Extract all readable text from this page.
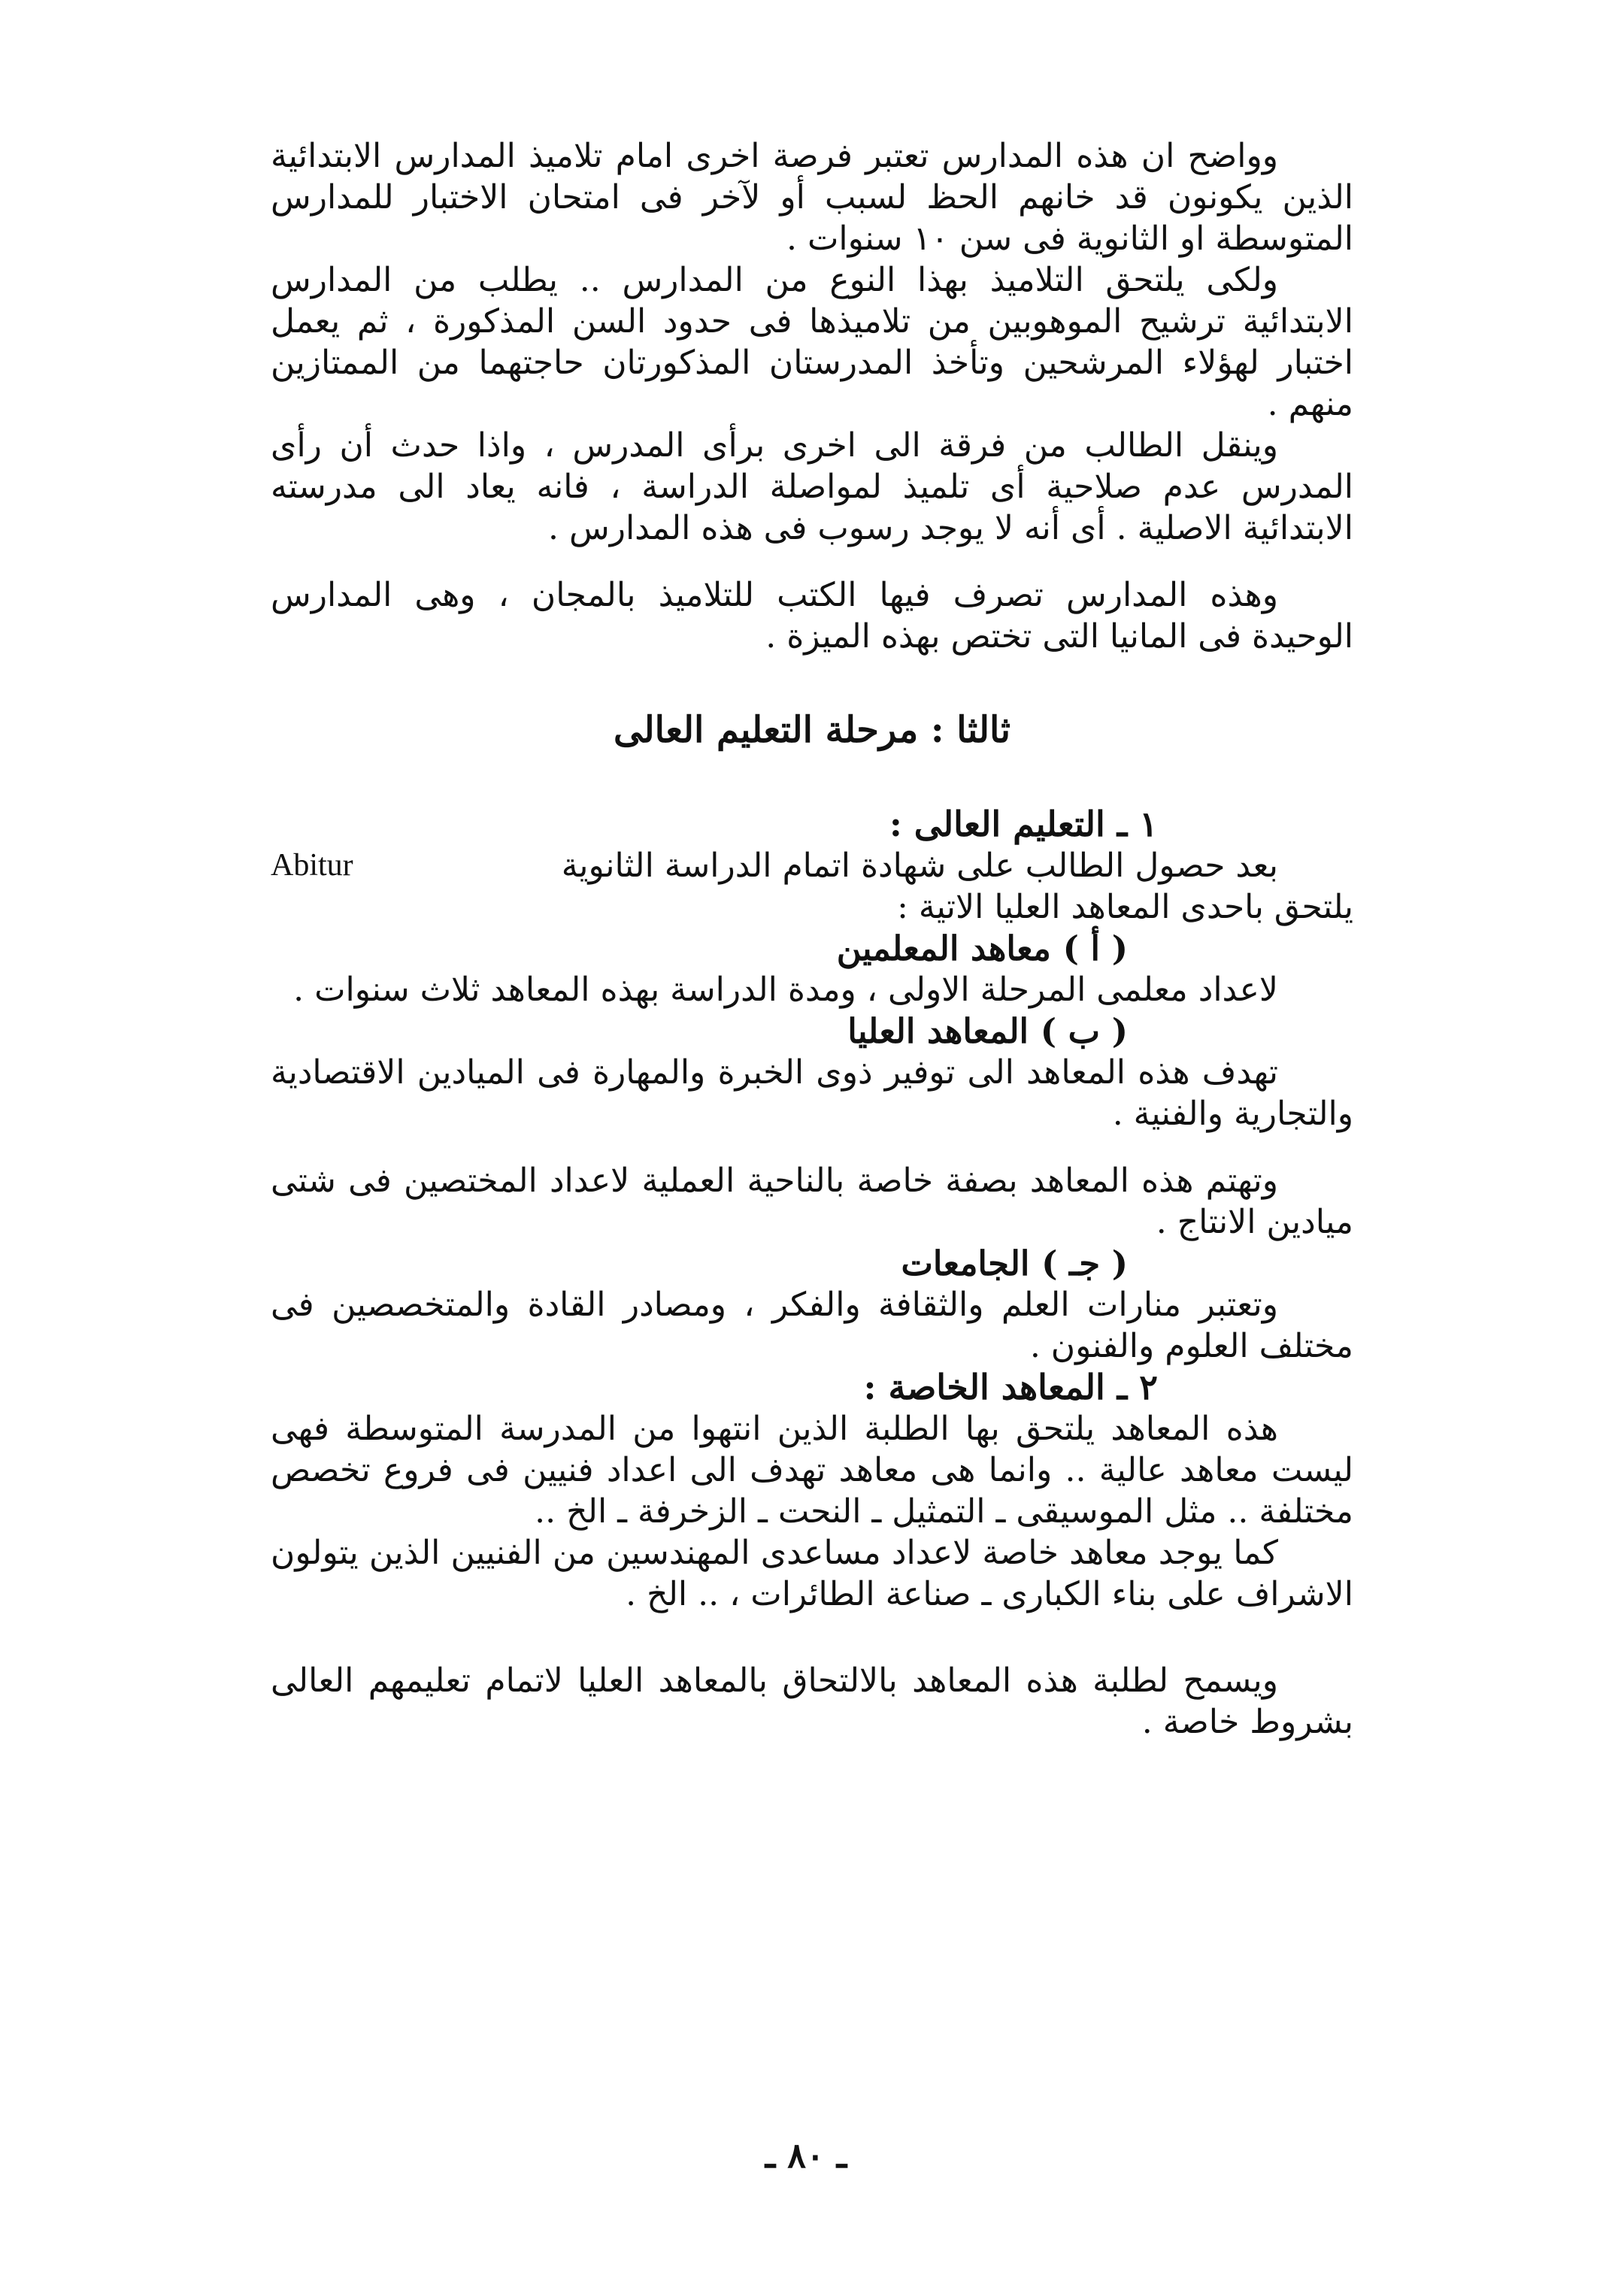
وواضح ان هذه المدارس تعتبر فرصة اخرى امام تلاميذ المدارس الابتدائية الذين يكونون قد خانهم الحظ لسبب أو لآخر فى امتحان الاختبار للمدارس المتوسطة او الثانوية فى سن ١٠ سنوات .

ولكى يلتحق التلاميذ بهذا النوع من المدارس .. يطلب من المدارس الابتدائية ترشيح الموهوبين من تلاميذها فى حدود السن المذكورة ، ثم يعمل اختبار لهؤلاء المرشحين وتأخذ المدرستان المذكورتان حاجتهما من الممتازين منهم .

وينقل الطالب من فرقة الى اخرى برأى المدرس ، واذا حدث أن رأى المدرس عدم صلاحية أى تلميذ لمواصلة الدراسة ، فانه يعاد الى مدرسته الابتدائية الاصلية . أى أنه لا يوجد رسوب فى هذه المدارس .

وهذه المدارس تصرف فيها الكتب للتلاميذ بالمجان ، وهى المدارس الوحيدة فى المانيا التى تختص بهذه الميزة .

ثالثا : مرحلة التعليم العالى
١ ـ التعليم العالى :

بعد حصول الطالب على شهادة اتمام الدراسة الثانوية

Abitur

يلتحق باحدى المعاهد العليا الاتية :

( أ ) معاهد المعلمين

لاعداد معلمى المرحلة الاولى ، ومدة الدراسة بهذه المعاهد ثلاث سنوات .

( ب ) المعاهد العليا

تهدف هذه المعاهد الى توفير ذوى الخبرة والمهارة فى الميادين الاقتصادية والتجارية والفنية .

وتهتم هذه المعاهد بصفة خاصة بالناحية العملية لاعداد المختصين فى شتى ميادين الانتاج .

( جـ ) الجامعات

وتعتبر منارات العلم والثقافة والفكر ، ومصادر القادة والمتخصصين فى مختلف العلوم والفنون .

٢ ـ المعاهد الخاصة :

هذه المعاهد يلتحق بها الطلبة الذين انتهوا من المدرسة المتوسطة فهى ليست معاهد عالية .. وانما هى معاهد تهدف الى اعداد فنيين فى فروع تخصص مختلفة .. مثل الموسيقى ـ التمثيل ـ النحت ـ الزخرفة ـ الخ ..

كما يوجد معاهد خاصة لاعداد مساعدى المهندسين من الفنيين الذين يتولون الاشراف على بناء الكبارى ـ صناعة الطائرات ، .. الخ .

ويسمح لطلبة هذه المعاهد بالالتحاق بالمعاهد العليا لاتمام تعليمهم العالى بشروط خاصة .

ـ ٨٠ ـ
